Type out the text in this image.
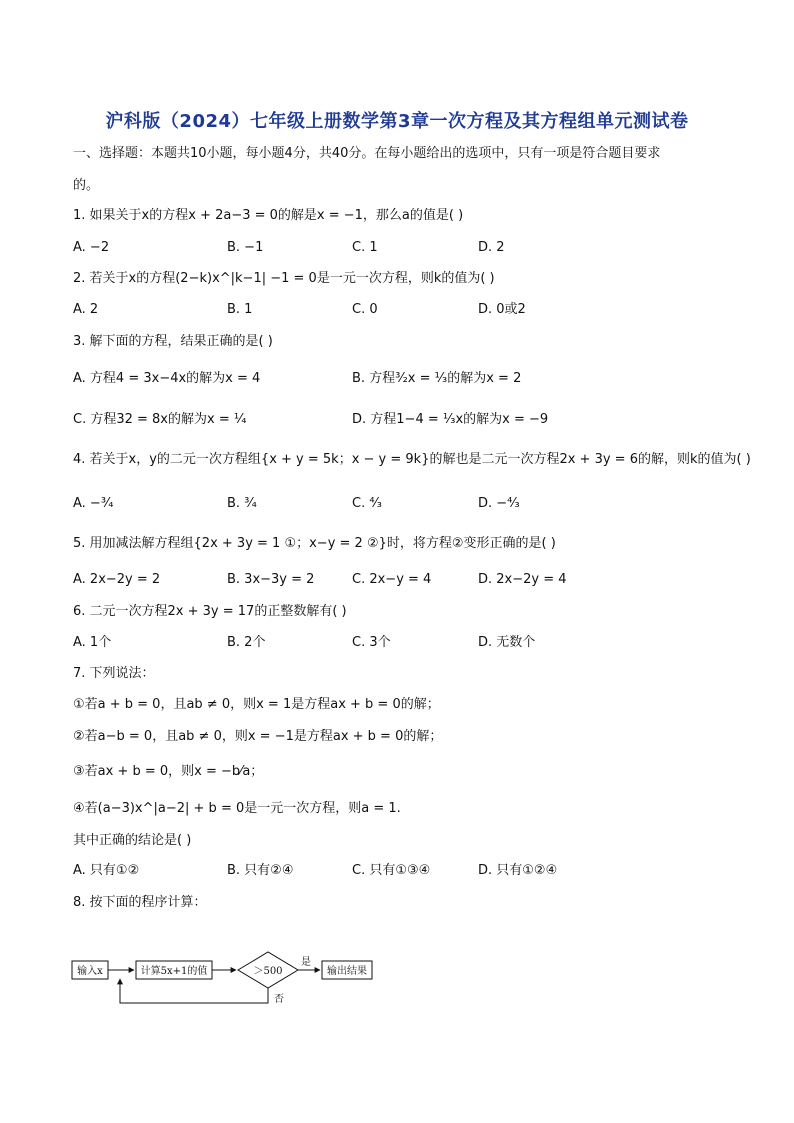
沪科版（2024）七年级上册数学第3章一次方程及其方程组单元测试卷
一、选择题：本题共10小题，每小题4分，共40分。在每小题给出的选项中，只有一项是符合题目要求
的。
1. 如果关于x的方程x + 2a−3 = 0的解是x = −1，那么a的值是( )
A. −2	B. −1	C. 1	D. 2
2. 若关于x的方程(2−k)x^|k−1| −1 = 0是一元一次方程，则k的值为( )
A. 2	B. 1	C. 0	D. 0或2
3. 解下面的方程，结果正确的是( )
A. 方程4 = 3x−4x的解为x = 4	B. 方程³⁄₂x = ¹⁄₃的解为x = 2
C. 方程32 = 8x的解为x = ¹⁄₄	D. 方程1−4 = ¹⁄₃x的解为x = −9
4. 若关于x，y的二元一次方程组{x + y = 5k；x − y = 9k}的解也是二元一次方程2x + 3y = 6的解，则k的值为( )
A. −³⁄₄	B. ³⁄₄	C. ⁴⁄₃	D. −⁴⁄₃
5. 用加减法解方程组{2x + 3y = 1 ①；x−y = 2 ②}时，将方程②变形正确的是( )
A. 2x−2y = 2	B. 3x−3y = 2	C. 2x−y = 4	D. 2x−2y = 4
6. 二元一次方程2x + 3y = 17的正整数解有( )
A. 1个	B. 2个	C. 3个	D. 无数个
7. 下列说法：
①若a + b = 0，且ab ≠ 0，则x = 1是方程ax + b = 0的解；
②若a−b = 0，且ab ≠ 0，则x = −1是方程ax + b = 0的解；
③若ax + b = 0，则x = −b⁄a；
④若(a−3)x^|a−2| + b = 0是一元一次方程，则a = 1.
其中正确的结论是( )
A. 只有①②	B. 只有②④	C. 只有①③④	D. 只有①②④
8. 按下面的程序计算：
输入x	计算5x+1的值	＞500
是
输出结果
否
